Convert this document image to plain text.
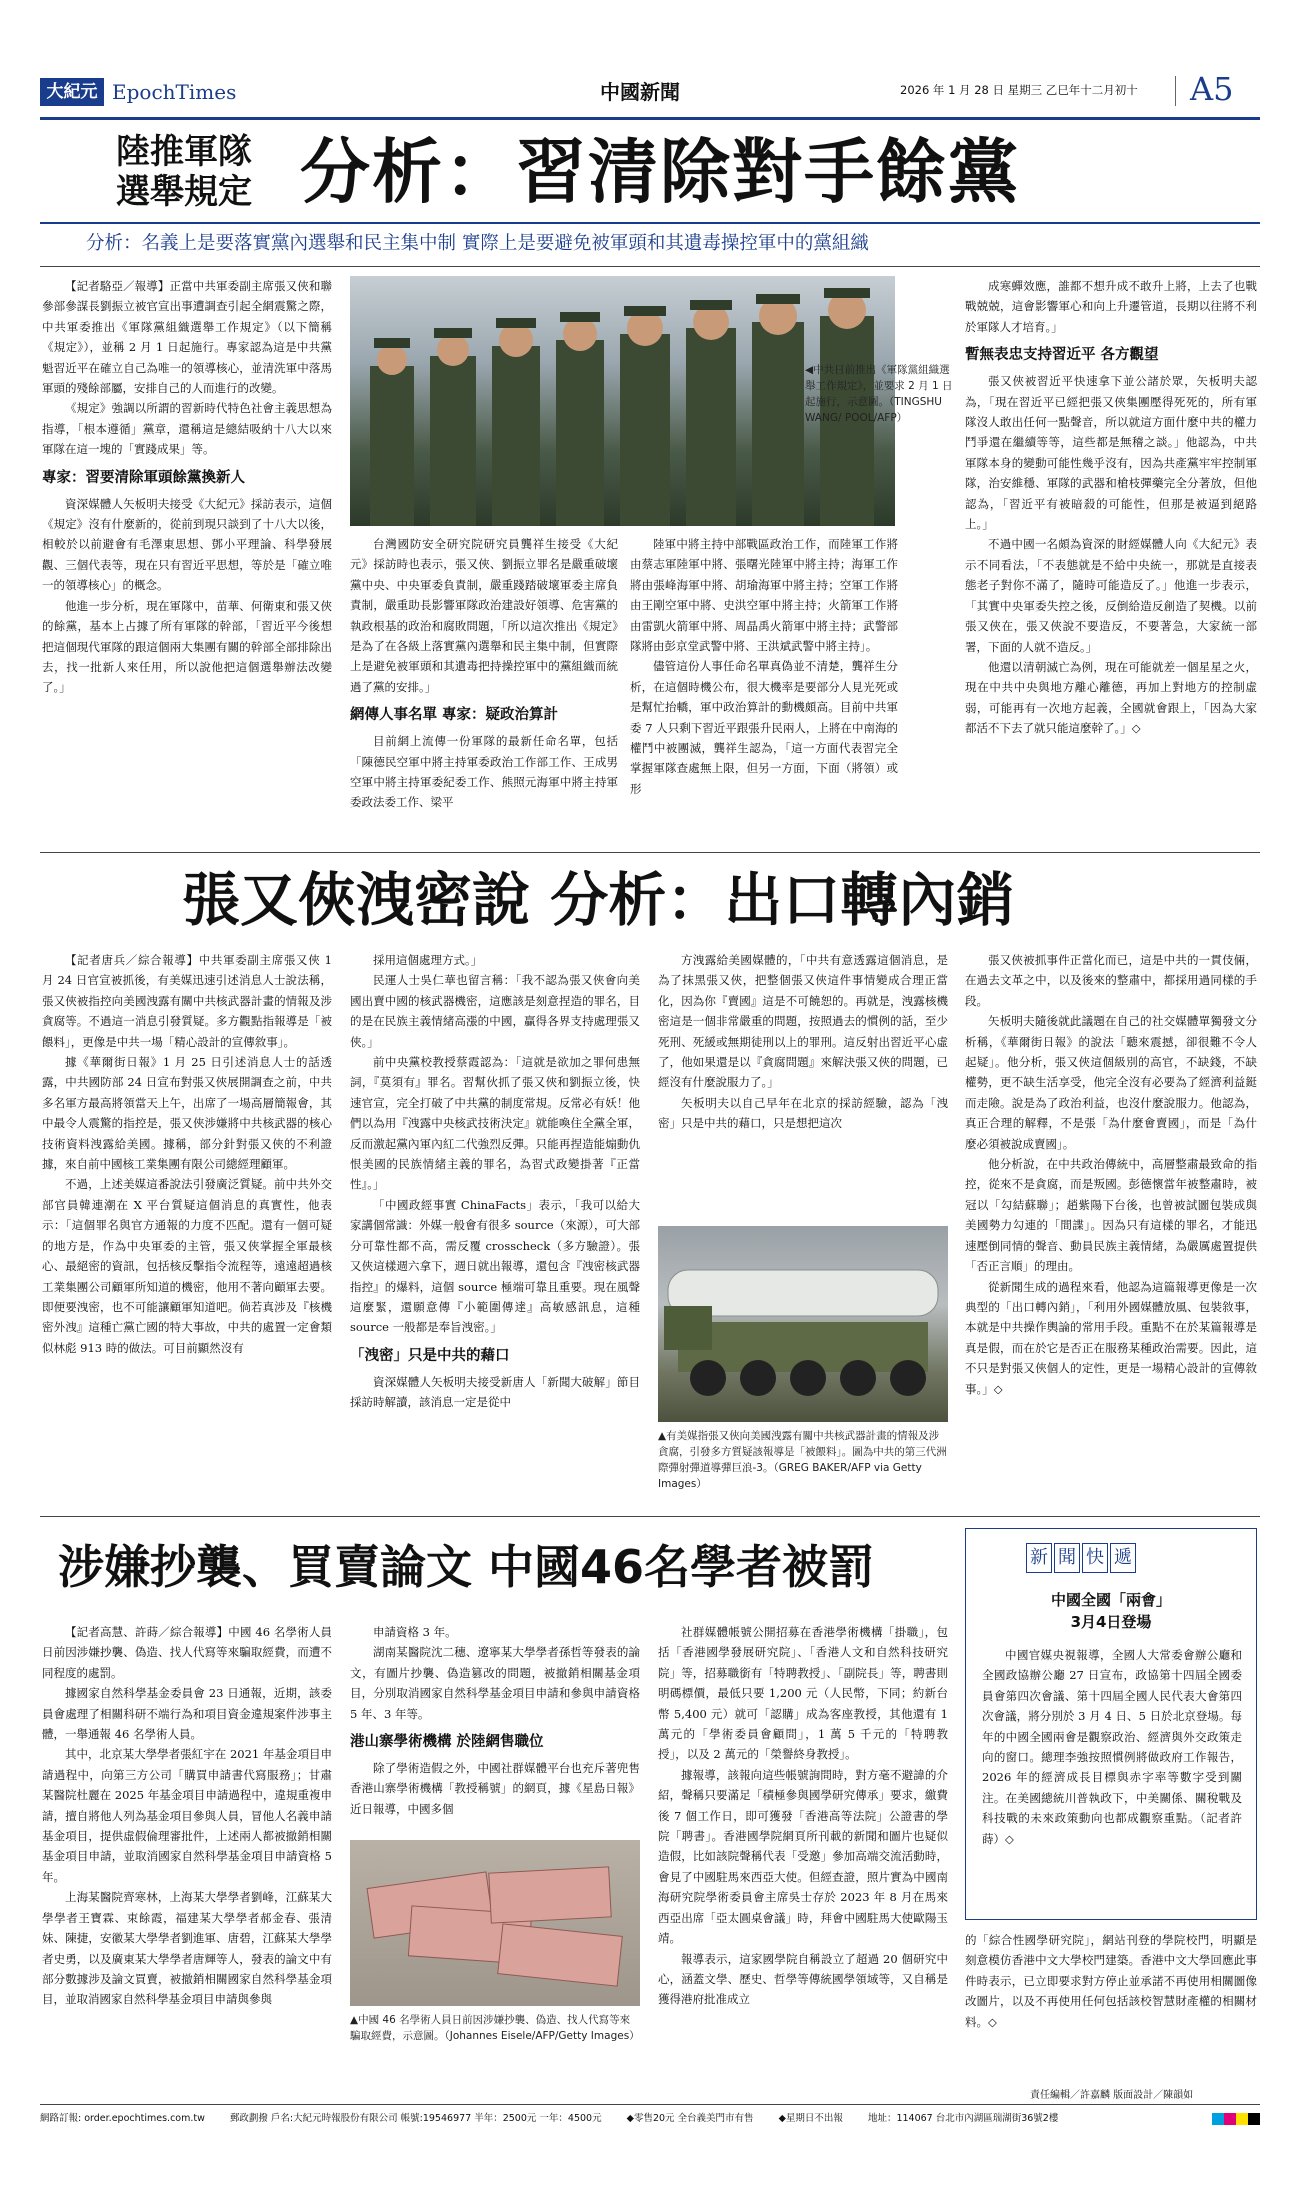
大紀元 EpochTimes	中國新聞	2026 年 1 月 28 日 星期三 乙巳年十二月初十 A5
陸推軍隊
選舉規定 分析：習清除對手餘黨
分析：名義上是要落實黨內選舉和民主集中制 實際上是要避免被軍頭和其遺毒操控軍中的黨組織

【記者駱亞／報導】正當中共軍委副主席張又俠和聯參部參謀長劉振立被官宣出事遭調查引起全網震驚之際，中共軍委推出《軍隊黨組織選舉工作規定》（以下簡稱《規定》），並稱 2 月 1 日起施行。專家認為這是中共黨魁習近平在確立自己為唯一的領導核心，並清洗軍中落馬軍頭的殘餘部屬，安排自己的人而進行的改變。

《規定》強調以所謂的習新時代特色社會主義思想為指導，「根本遵循」黨章，還稱這是總結吸納十八大以來軍隊在這一塊的「實踐成果」等。

專家：習要清除軍頭餘黨換新人

資深媒體人矢板明夫接受《大紀元》採訪表示，這個《規定》沒有什麼新的，從前到現只談到了十八大以後，相較於以前避會有毛澤東思想、鄧小平理論、科學發展觀、三個代表等，現在只有習近平思想，等於是「確立唯一的領導核心」的概念。

他進一步分析，現在軍隊中，苗華、何衛東和張又俠的餘黨，基本上占據了所有軍隊的幹部，「習近平今後想把這個現代軍隊的跟這個兩大集團有關的幹部全部排除出去，找一批新人來任用，所以說他把這個選舉辦法改變了。」

◀中共日前推出《軍隊黨組織選舉工作規定》，並要求 2 月 1 日起施行，示意圖。（TINGSHU WANG/ POOL/AFP）

台灣國防安全研究院研究員龔祥生接受《大紀元》採訪時也表示，張又俠、劉振立罪名是嚴重破壞黨中央、中央軍委負責制，嚴重踐踏破壞軍委主席負責制，嚴重助長影響軍隊政治建設好領導、危害黨的執政根基的政治和腐敗問題，「所以這次推出《規定》是為了在各級上落實黨內選舉和民主集中制，但實際上是避免被軍頭和其遺毒把持操控軍中的黨組織而統過了黨的安排。」

網傳人事名單 專家：疑政治算計

目前網上流傳一份軍隊的最新任命名單，包括「陳德民空軍中將主持軍委政治工作部工作、王成男空軍中將主持軍委紀委工作、熊照元海軍中將主持軍委政法委工作、梁平

陸軍中將主持中部戰區政治工作，而陸軍工作將由蔡志軍陸軍中將、張曙光陸軍中將主持；海軍工作將由張峰海軍中將、胡瑜海軍中將主持；空軍工作將由王剛空軍中將、史洪空軍中將主持；火箭軍工作將由雷凱火箭軍中將、周晶禹火箭軍中將主持；武警部隊將由彭京堂武警中將、王洪斌武警中將主持」。

儘管這份人事任命名單真偽並不清楚，龔祥生分析，在這個時機公布，很大機率是要部分人見光死或是幫忙抬轎，軍中政治算計的動機頗高。目前中共軍委 7 人只剩下習近平跟張升民兩人，上將在中南海的權鬥中被團滅，龔祥生認為，「這一方面代表習完全掌握軍隊查處無上限，但另一方面，下面（將領）或形

成寒蟬效應，誰都不想升成不敢升上將，上去了也戰戰兢兢，這會影響軍心和向上升遷管道，長期以往將不利於軍隊人才培育。」

暫無表忠支持習近平 各方觀望

張又俠被習近平快速拿下並公諸於眾，矢板明夫認為，「現在習近平已經把張又俠集團壓得死死的，所有軍隊沒人敢出任何一點聲音，所以就這方面什麼中共的權力鬥爭還在繼續等等，這些都是無稽之談。」他認為，中共軍隊本身的變動可能性幾乎沒有，因為共產黨牢牢控制軍隊，治安維穩、軍隊的武器和槍枝彈藥完全分著放，但他認為，「習近平有被暗殺的可能性，但那是被逼到絕路上。」

不過中國一名頗為資深的財經媒體人向《大紀元》表示不同看法，「不表態就是不給中央統一，那就是直接表態老子對你不滿了，隨時可能造反了。」他進一步表示，「其實中央軍委失控之後，反倒給造反創造了契機。以前張又俠在，張又俠說不要造反，不要著急，大家統一部署，下面的人就不造反。」

他還以清朝滅亡為例，現在可能就差一個星星之火，現在中共中央與地方離心離德，再加上對地方的控制虛弱，可能再有一次地方起義，全國就會跟上，「因為大家都活不下去了就只能這麼幹了。」◇

張又俠洩密說 分析：出口轉內銷

【記者唐兵／綜合報導】中共軍委副主席張又俠 1 月 24 日官宣被抓後，有美媒迅速引述消息人士說法稱，張又俠被指控向美國洩露有關中共核武器計畫的情報及涉貪腐等。不過這一消息引發質疑。多方觀點指報導是「被餵料」，更像是中共一場「精心設計的宣傳敘事」。

據《華爾街日報》1 月 25 日引述消息人士的話透露，中共國防部 24 日宣布對張又俠展開調查之前，中共多名軍方最高將領當天上午，出席了一場高層簡報會，其中最令人震驚的指控是，張又俠涉嫌將中共核武器的核心技術資料洩露給美國。據稱，部分針對張又俠的不利證據，來自前中國核工業集團有限公司總經理顧軍。

不過，上述美媒這番說法引發廣泛質疑。前中共外交部官員韓連潮在 X 平台質疑這個消息的真實性，他表示：「這個罪名與官方通報的力度不匹配。還有一個可疑的地方是，作為中央軍委的主管，張又俠掌握全軍最核心、最絕密的資訊，包括核反擊指令流程等，遠遠超過核工業集團公司顧軍所知道的機密，他用不著向顧軍去要。即便要洩密，也不可能讓顧軍知道吧。倘若真涉及『核機密外洩』這種亡黨亡國的特大事故，中共的處置一定會類似林彪 913 時的做法。可目前顯然沒有

採用這個處理方式。」

民運人士吳仁華也留言稱：「我不認為張又俠會向美國出賣中國的核武器機密，這應該是刻意捏造的罪名，目的是在民族主義情緒高漲的中國，贏得各界支持處理張又俠。」

前中央黨校教授蔡霞認為：「這就是欲加之罪何患無詞，『莫須有』罪名。習幫伙抓了張又俠和劉振立後，快速官宣，完全打破了中共黨的制度常規。反常必有妖！他們以為用『洩露中央核武技術決定』就能喚住全黨全軍，反而激起黨內軍內紅二代強烈反彈。只能再捏造能煽動仇恨美國的民族情緒主義的罪名，為習式政變掛著『正當性』。」

「中國政經事實 ChinaFacts」表示，「我可以給大家講個常識：外媒一般會有很多 source（來源），可大部分可靠性都不高，需反覆 crosscheck（多方驗證）。張又俠這樣週六拿下，週日就出報導，還包含『洩密核武器指控』的爆料，這個 source 極端可靠且重要。現在風聲這麼緊，還願意傳『小範圍傳達』高敏感訊息，這種 source 一般都是奉旨洩密。」

「洩密」只是中共的藉口

資深媒體人矢板明夫接受新唐人「新聞大破解」節目採訪時解讀，該消息一定是從中

方洩露給美國媒體的，「中共有意透露這個消息，是為了抹黑張又俠，把整個張又俠這件事情變成合理正當化，因為你『賣國』這是不可饒恕的。再就是，洩露核機密這是一個非常嚴重的問題，按照過去的慣例的話，至少死刑、死緩或無期徒刑以上的罪刑。這反射出習近平心虛了，他如果還是以『貪腐問題』來解決張又俠的問題，已經沒有什麼說服力了。」

矢板明夫以自己早年在北京的採訪經驗，認為「洩密」只是中共的藉口，只是想把這次

▲有美媒指張又俠向美國洩露有關中共核武器計畫的情報及涉貪腐，引發多方質疑該報導是「被餵料」。圖為中共的第三代洲際彈射彈道導彈巨浪-3。（GREG BAKER/AFP via Getty Images）

張又俠被抓事件正當化而已，這是中共的一貫伎倆，在過去文革之中，以及後來的整肅中，都採用過同樣的手段。

矢板明夫隨後就此議題在自己的社交媒體單獨發文分析稱，《華爾街日報》的說法「聽來震撼，卻很難不令人起疑」。他分析，張又俠這個級別的高官，不缺錢，不缺權勢，更不缺生活享受，他完全沒有必要為了經濟利益鋌而走險。說是為了政治利益，也沒什麼說服力。他認為，真正合理的解釋，不是張「為什麼會賣國」，而是「為什麼必須被說成賣國」。

他分析說，在中共政治傳統中，高層整肅最致命的指控，從來不是貪腐，而是叛國。彭德懷當年被整肅時，被冠以「勾結蘇聯」；趙紫陽下台後，也曾被試圖包裝成與美國勢力勾連的「間諜」。因為只有這樣的罪名，才能迅速壓倒同情的聲音、動員民族主義情緒，為嚴厲處置提供「否正言順」的理由。

從新聞生成的過程來看，他認為這篇報導更像是一次典型的「出口轉內銷」，「利用外國媒體放風、包裝敘事，本就是中共操作輿論的常用手段。重點不在於某篇報導是真是假，而在於它是否正在服務某種政治需要。因此，這不只是對張又俠個人的定性，更是一場精心設計的宣傳敘事。」◇

涉嫌抄襲、買賣論文 中國46名學者被罰

【記者高慧、許蒔／綜合報導】中國 46 名學術人員日前因涉嫌抄襲、偽造、找人代寫等來騙取經費，而遭不同程度的處罰。

據國家自然科學基金委員會 23 日通報，近期，該委員會處理了相關科研不端行為和項目資金違規案件涉事主體，一舉通報 46 名學術人員。

其中，北京某大學學者張紅宇在 2021 年基金項目申請過程中，向第三方公司「購買申請書代寫服務」；甘肅某醫院杜麗在 2025 年基金項目申請過程中，違規重複申請，擅自將他人列為基金項目參與人員，冒他人名義申請基金項目，提供虛假倫理審批件，上述兩人都被撤銷相關基金項目申請，並取消國家自然科學基金項目申請資格 5 年。

上海某醫院齊寒林，上海某大學學者劉峰，江蘇某大學學者王寶霖、束餘霞，福建某大學學者郝金春、張清妹、陳捷，安徽某大學學者劉進軍、唐碧，江蘇某大學學者史勇，以及廣東某大學學者唐輝等人，發表的論文中有部分數據涉及論文買賣，被撤銷相關國家自然科學基金項目，並取消國家自然科學基金項目申請與參與

申請資格 3 年。

湖南某醫院沈二穗、遼寧某大學學者孫哲等發表的論文，有圖片抄襲、偽造篡改的問題，被撤銷相關基金項目，分別取消國家自然科學基金項目申請和參與申請資格 5 年、3 年等。

港山寨學術機構 於陸網售職位

除了學術造假之外，中國社群媒體平台也充斥著兜售香港山寨學術機構「教授稱號」的網頁，據《星島日報》近日報導，中國多個

▲中國 46 名學術人員日前因涉嫌抄襲、偽造、找人代寫等來騙取經費，示意圖。（Johannes Eisele/AFP/Getty Images）

社群媒體帳號公開招募在香港學術機構「掛職」，包括「香港國學發展研究院」、「香港人文和自然科技研究院」等，招募職銜有「特聘教授」、「副院長」等，聘書則明碼標價，最低只要 1,200 元（人民幣，下同；約新台幣 5,400 元）就可「認購」成為客座教授，其他還有 1 萬元的「學術委員會顧問」，1 萬 5 千元的「特聘教授」，以及 2 萬元的「榮譽終身教授」。

據報導，該報向這些帳號詢問時，對方毫不避諱的介紹，聲稱只要滿足「積極參與國學研究傳承」要求，繳費後 7 個工作日，即可獲發「香港高等法院」公證書的學院「聘書」。香港國學院網頁所刊載的新聞和圖片也疑似造假，比如該院聲稱代表「受邀」參加高端交流活動時，會見了中國駐馬來西亞大使。但經查證，照片實為中國南海研究院學術委員會主席吳士存於 2023 年 8 月在馬來西亞出席「亞太圓桌會議」時，拜會中國駐馬大使歐陽玉靖。

報導表示，這家國學院自稱設立了超過 20 個研究中心，涵蓋文學、歷史、哲學等傳統國學領域等，又自稱是獲得港府批准成立

新 聞 快 遞
中國全國「兩會」
3月4日登場

中國官媒央視報導，全國人大常委會辦公廳和全國政協辦公廳 27 日宣布，政協第十四屆全國委員會第四次會議、第十四屆全國人民代表大會第四次會議，將分別於 3 月 4 日、5 日於北京登場。每年的中國全國兩會是觀察政治、經濟與外交政策走向的窗口。總理李強按照慣例將做政府工作報告，2026 年的經濟成長目標與赤字率等數字受到關注。在美國總統川普執政下，中美關係、關稅戰及科技戰的未來政策動向也都成觀察重點。（記者許蒔）◇

的「綜合性國學研究院」，網站刊登的學院校門，明顯是刻意模仿香港中文大學校門建築。香港中文大學回應此事件時表示，已立即要求對方停止並承諾不再使用相關圖像改圖片，以及不再使用任何包括該校智慧財產權的相關材料。◇

責任編輯／許嘉麟 版面設計／陳韻如
網路訂報: order.epochtimes.com.tw	郵政劃撥 戶名:大紀元時報股份有限公司 帳號:19546977 半年：2500元 一年：4500元	◆零售20元 全台義美門市有售	◆星期日不出報	地址：114067 台北市內湖區瑞湖街36號2樓
